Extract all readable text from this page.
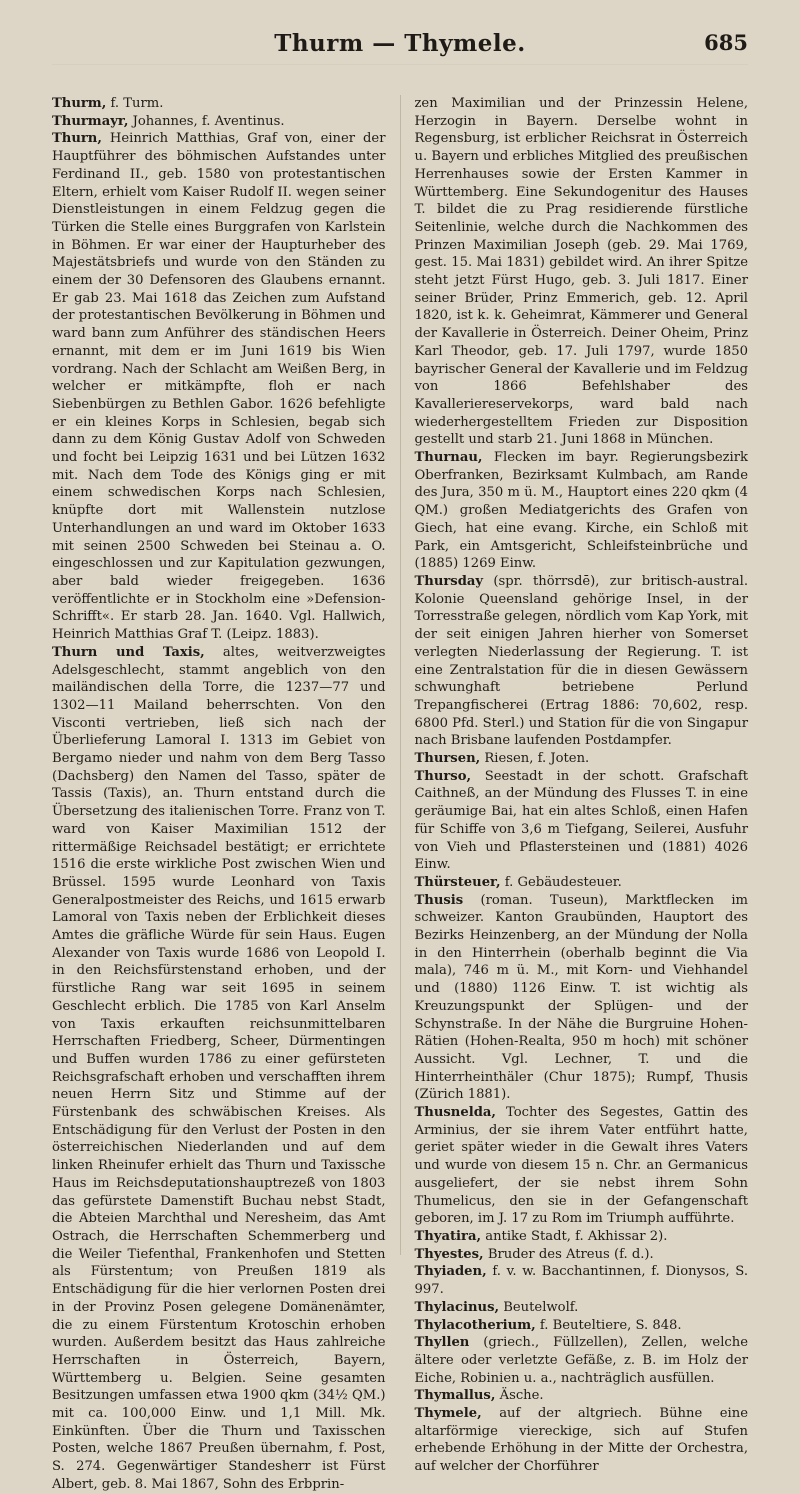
Thurm — Thymele.	685

Thurm, f. Turm.

Thurmayr, Johannes, f. Aventinus.

Thurn, Heinrich Matthias, Graf von, einer der Hauptführer des böhmischen Aufstandes unter Ferdinand II., geb. 1580 von protestantischen Eltern, erhielt vom Kaiser Rudolf II. wegen seiner Dienstleistungen in einem Feldzug gegen die Türken die Stelle eines Burggrafen von Karlstein in Böhmen. Er war einer der Haupturheber des Majestätsbriefs und wurde von den Ständen zu einem der 30 Defensoren des Glaubens ernannt. Er gab 23. Mai 1618 das Zeichen zum Aufstand der protestantischen Bevölkerung in Böhmen und ward bann zum Anführer des ständischen Heers ernannt, mit dem er im Juni 1619 bis Wien vordrang. Nach der Schlacht am Weißen Berg, in welcher er mitkämpfte, floh er nach Siebenbürgen zu Bethlen Gabor. 1626 befehligte er ein kleines Korps in Schlesien, begab sich dann zu dem König Gustav Adolf von Schweden und focht bei Leipzig 1631 und bei Lützen 1632 mit. Nach dem Tode des Königs ging er mit einem schwedischen Korps nach Schlesien, knüpfte dort mit Wallenstein nutzlose Unterhandlungen an und ward im Oktober 1633 mit seinen 2500 Schweden bei Steinau a. O. eingeschlossen und zur Kapitulation gezwungen, aber bald wieder freigegeben. 1636 veröffentlichte er in Stockholm eine »Defension-Schrifft«. Er starb 28. Jan. 1640. Vgl. Hallwich, Heinrich Matthias Graf T. (Leipz. 1883).

Thurn und Taxis, altes, weitverzweigtes Adelsgeschlecht, stammt angeblich von den mailändischen della Torre, die 1237—77 und 1302—11 Mailand beherrschten. Von den Visconti vertrieben, ließ sich nach der Überlieferung Lamoral I. 1313 im Gebiet von Bergamo nieder und nahm von dem Berg Tasso (Dachsberg) den Namen del Tasso, später de Tassis (Taxis), an. Thurn entstand durch die Übersetzung des italienischen Torre. Franz von T. ward von Kaiser Maximilian 1512 der rittermäßige Reichsadel bestätigt; er errichtete 1516 die erste wirkliche Post zwischen Wien und Brüssel. 1595 wurde Leonhard von Taxis Generalpostmeister des Reichs, und 1615 erwarb Lamoral von Taxis neben der Erblichkeit dieses Amtes die gräfliche Würde für sein Haus. Eugen Alexander von Taxis wurde 1686 von Leopold I. in den Reichsfürstenstand erhoben, und der fürstliche Rang war seit 1695 in seinem Geschlecht erblich. Die 1785 von Karl Anselm von Taxis erkauften reichsunmittelbaren Herrschaften Friedberg, Scheer, Dürmentingen und Buffen wurden 1786 zu einer gefürsteten Reichsgrafschaft erhoben und verschafften ihrem neuen Herrn Sitz und Stimme auf der Fürstenbank des schwäbischen Kreises. Als Entschädigung für den Verlust der Posten in den österreichischen Niederlanden und auf dem linken Rheinufer erhielt das Thurn und Taxissche Haus im Reichsdeputationshauptrezeß von 1803 das gefürstete Damenstift Buchau nebst Stadt, die Abteien Marchthal und Neresheim, das Amt Ostrach, die Herrschaften Schemmerberg und die Weiler Tiefenthal, Frankenhofen und Stetten als Fürstentum; von Preußen 1819 als Entschädigung für die hier verlornen Posten drei in der Provinz Posen gelegene Domänenämter, die zu einem Fürstentum Krotoschin erhoben wurden. Außerdem besitzt das Haus zahlreiche Herrschaften in Österreich, Bayern, Württemberg u. Belgien. Seine gesamten Besitzungen umfassen etwa 1900 qkm (34½ QM.) mit ca. 100,000 Einw. und 1,1 Mill. Mk. Einkünften. Über die Thurn und Taxisschen Posten, welche 1867 Preußen übernahm, f. Post, S. 274. Gegenwärtiger Standesherr ist Fürst Albert, geb. 8. Mai 1867, Sohn des Erbprin-

zen Maximilian und der Prinzessin Helene, Herzogin in Bayern. Derselbe wohnt in Regensburg, ist erblicher Reichsrat in Österreich u. Bayern und erbliches Mitglied des preußischen Herrenhauses sowie der Ersten Kammer in Württemberg. Eine Sekundogenitur des Hauses T. bildet die zu Prag residierende fürstliche Seitenlinie, welche durch die Nachkommen des Prinzen Maximilian Joseph (geb. 29. Mai 1769, gest. 15. Mai 1831) gebildet wird. An ihrer Spitze steht jetzt Fürst Hugo, geb. 3. Juli 1817. Einer seiner Brüder, Prinz Emmerich, geb. 12. April 1820, ist k. k. Geheimrat, Kämmerer und General der Kavallerie in Österreich. Deiner Oheim, Prinz Karl Theodor, geb. 17. Juli 1797, wurde 1850 bayrischer General der Kavallerie und im Feldzug von 1866 Befehlshaber des Kavalleriereservekorps, ward bald nach wiederhergestelltem Frieden zur Disposition gestellt und starb 21. Juni 1868 in München.

Thurnau, Flecken im bayr. Regierungsbezirk Oberfranken, Bezirksamt Kulmbach, am Rande des Jura, 350 m ü. M., Hauptort eines 220 qkm (4 QM.) großen Mediatgerichts des Grafen von Giech, hat eine evang. Kirche, ein Schloß mit Park, ein Amtsgericht, Schleifsteinbrüche und (1885) 1269 Einw.

Thursday (spr. thörrsdē), zur britisch-austral. Kolonie Queensland gehörige Insel, in der Torresstraße gelegen, nördlich vom Kap York, mit der seit einigen Jahren hierher von Somerset verlegten Niederlassung der Regierung. T. ist eine Zentralstation für die in diesen Gewässern schwunghaft betriebene Perlund Trepangfischerei (Ertrag 1886: 70,602, resp. 6800 Pfd. Sterl.) und Station für die von Singapur nach Brisbane laufenden Postdampfer.

Thursen, Riesen, f. Joten.

Thurso, Seestadt in der schott. Grafschaft Caithneß, an der Mündung des Flusses T. in eine geräumige Bai, hat ein altes Schloß, einen Hafen für Schiffe von 3,6 m Tiefgang, Seilerei, Ausfuhr von Vieh und Pflastersteinen und (1881) 4026 Einw.

Thürsteuer, f. Gebäudesteuer.

Thusis (roman. Tuseun), Marktflecken im schweizer. Kanton Graubünden, Hauptort des Bezirks Heinzenberg, an der Mündung der Nolla in den Hinterrhein (oberhalb beginnt die Via mala), 746 m ü. M., mit Korn- und Viehhandel und (1880) 1126 Einw. T. ist wichtig als Kreuzungspunkt der Splügen- und der Schynstraße. In der Nähe die Burgruine Hohen-Rätien (Hohen-Realta, 950 m hoch) mit schöner Aussicht. Vgl. Lechner, T. und die Hinterrheinthäler (Chur 1875); Rumpf, Thusis (Zürich 1881).

Thusnelda, Tochter des Segestes, Gattin des Arminius, der sie ihrem Vater entführt hatte, geriet später wieder in die Gewalt ihres Vaters und wurde von diesem 15 n. Chr. an Germanicus ausgeliefert, der sie nebst ihrem Sohn Thumelicus, den sie in der Gefangenschaft geboren, im J. 17 zu Rom im Triumph aufführte.

Thyatira, antike Stadt, f. Akhissar 2).

Thyestes, Bruder des Atreus (f. d.).

Thyiaden, f. v. w. Bacchantinnen, f. Dionysos, S. 997.

Thylacinus, Beutelwolf.

Thylacotherium, f. Beuteltiere, S. 848.

Thyllen (griech., Füllzellen), Zellen, welche ältere oder verletzte Gefäße, z. B. im Holz der Eiche, Robinien u. a., nachträglich ausfüllen.

Thymallus, Äsche.

Thymele, auf der altgriech. Bühne eine altarförmige viereckige, sich auf Stufen erhebende Erhöhung in der Mitte der Orchestra, auf welcher der Chorführer
